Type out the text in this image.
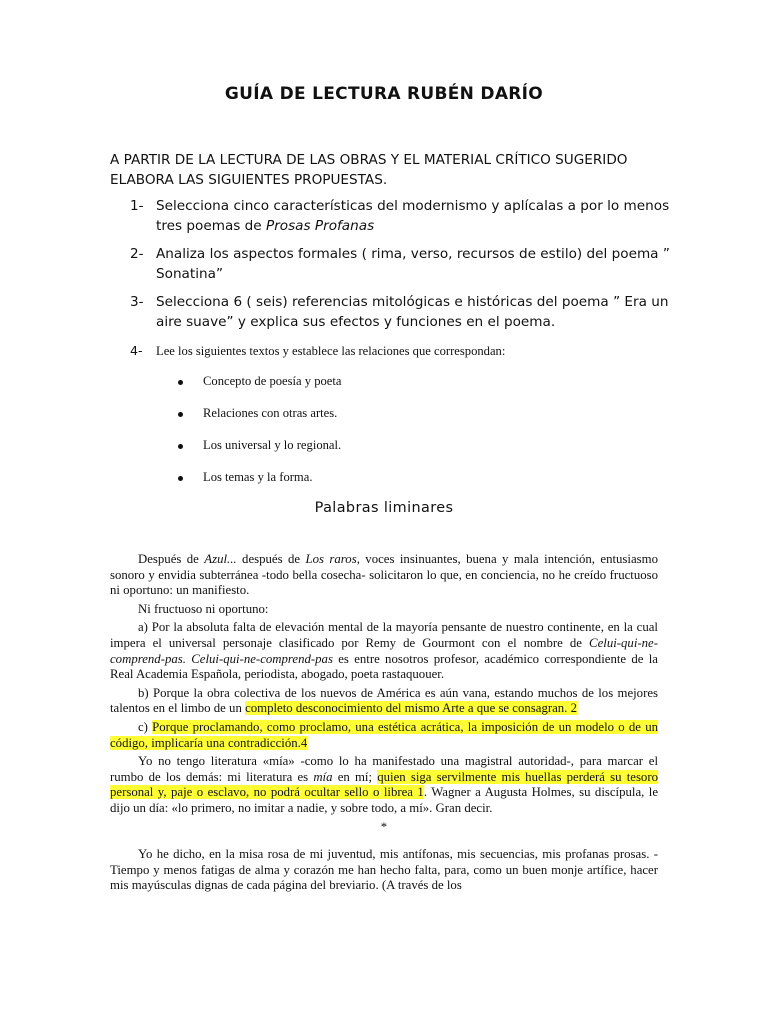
GUÍA DE LECTURA RUBÉN DARÍO
A PARTIR DE LA LECTURA DE LAS OBRAS Y EL MATERIAL CRÍTICO SUGERIDO ELABORA LAS SIGUIENTES PROPUESTAS.
1- Selecciona cinco características del modernismo y aplícalas a por lo menos tres poemas de Prosas Profanas
2- Analiza los aspectos formales ( rima, verso, recursos de estilo) del poema ” Sonatina”
3- Selecciona 6 ( seis) referencias mitológicas e históricas del poema ” Era un aire suave” y explica sus efectos y funciones en el poema.
4- Lee los siguientes textos y establece las relaciones que correspondan:
Concepto de poesía y poeta
Relaciones con otras artes.
Los universal y lo regional.
Los temas y la forma.
Palabras liminares

Después de Azul... después de Los raros, voces insinuantes, buena y mala intención, entusiasmo sonoro y envidia subterránea -todo bella cosecha- solicitaron lo que, en conciencia, no he creído fructuoso ni oportuno: un manifiesto.

Ni fructuoso ni oportuno:

a) Por la absoluta falta de elevación mental de la mayoría pensante de nuestro continente, en la cual impera el universal personaje clasificado por Remy de Gourmont con el nombre de Celui-qui-ne-comprend-pas. Celui-qui-ne-comprend-pas es entre nosotros profesor, académico correspondiente de la Real Academia Española, periodista, abogado, poeta rastaquouer.

b) Porque la obra colectiva de los nuevos de América es aún vana, estando muchos de los mejores talentos en el limbo de un completo desconocimiento del mismo Arte a que se consagran. 2

c) Porque proclamando, como proclamo, una estética acrática, la imposición de un modelo o de un código, implicaría una contradicción.4

Yo no tengo literatura «mía» -como lo ha manifestado una magistral autoridad-, para marcar el rumbo de los demás: mi literatura es mía en mí; quien siga servilmente mis huellas perderá su tesoro personal y, paje o esclavo, no podrá ocultar sello o librea 1. Wagner a Augusta Holmes, su discípula, le dijo un día: «lo primero, no imitar a nadie, y sobre todo, a mí». Gran decir.

*

Yo he dicho, en la misa rosa de mi juventud, mis antífonas, mis secuencias, mis profanas prosas. -Tiempo y menos fatigas de alma y corazón me han hecho falta, para, como un buen monje artífice, hacer mis mayúsculas dignas de cada página del breviario. (A través de los
